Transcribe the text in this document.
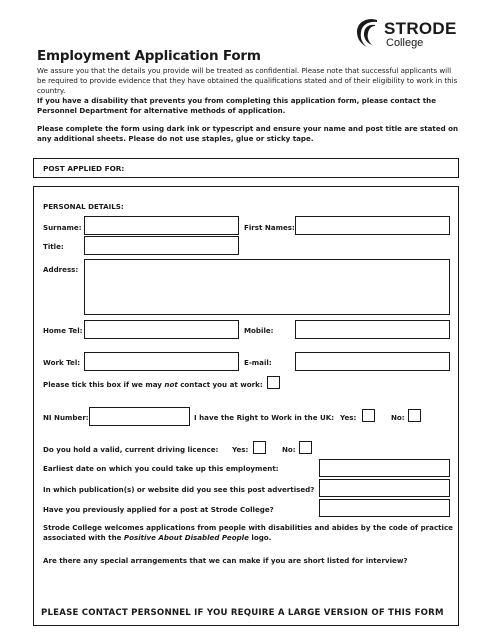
STRODE
College
Employment Application Form

We assure you that the details you provide will be treated as confidential. Please note that successful applicants will be required to provide evidence that they have obtained the qualifications stated and of their eligibility to work in this country.

If you have a disability that prevents you from completing this application form, please contact the Personnel Department for alternative methods of application.

Please complete the form using dark ink or typescript and ensure your name and post title are stated on any additional sheets. Please do not use staples, glue or sticky tape.

POST APPLIED FOR:
PERSONAL DETAILS:
Surname:	First Names:
Title:
Address:
Home Tel:	Mobile:
Work Tel:	E-mail:
Please tick this box if we may not contact you at work:
NI Number:	I have the Right to Work in the UK: Yes:	No:
Do you hold a valid, current driving licence: Yes:	No:
Earliest date on which you could take up this employment:
In which publication(s) or website did you see this post advertised?
Have you previously applied for a post at Strode College?
Strode College welcomes applications from people with disabilities and abides by the code of practice associated with the Positive About Disabled People logo.
Are there any special arrangements that we can make if you are short listed for interview?
PLEASE CONTACT PERSONNEL IF YOU REQUIRE A LARGE VERSION OF THIS FORM
